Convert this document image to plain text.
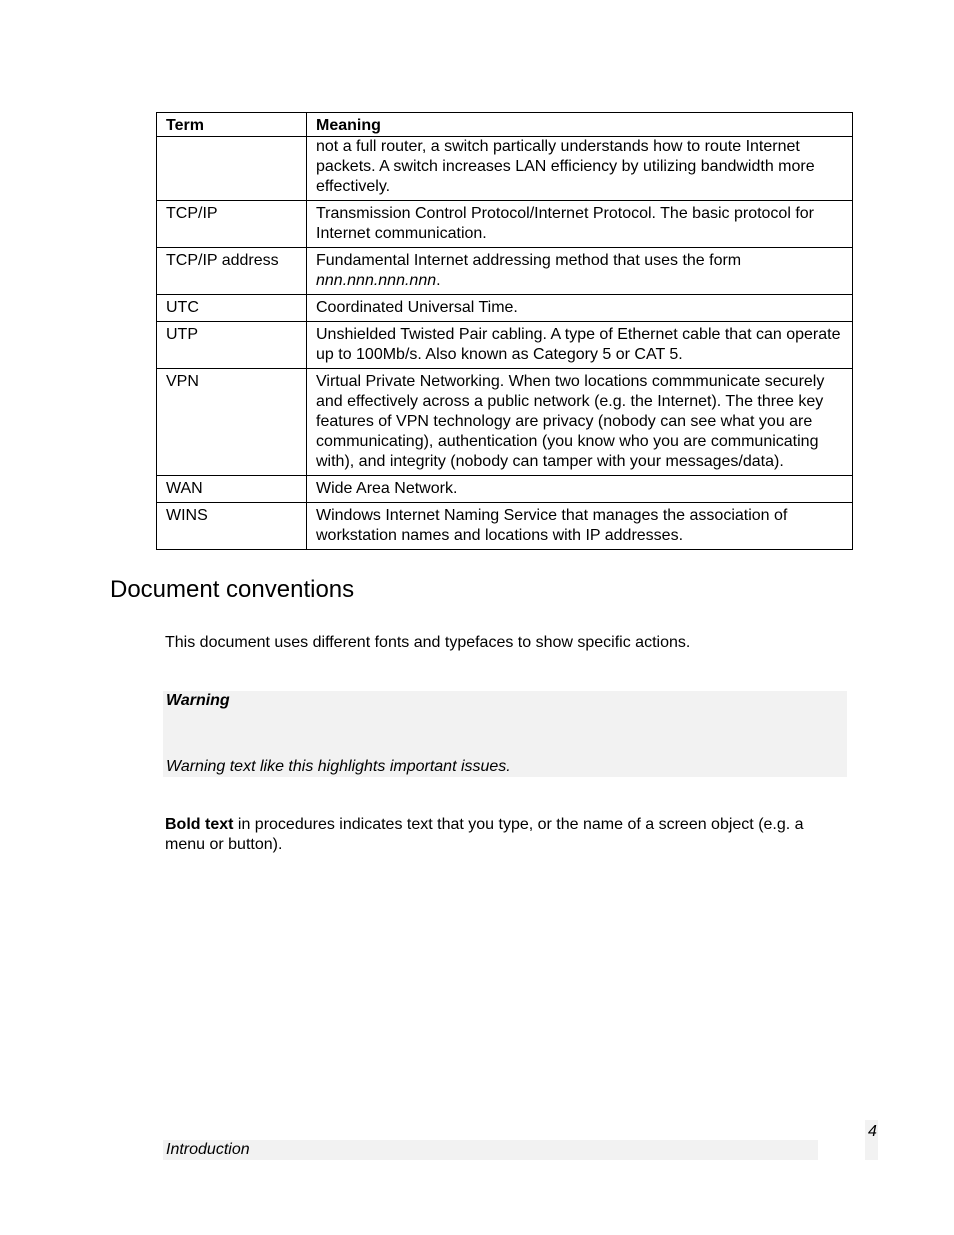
Term	Meaning
	not a full router, a switch partically understands how to route Internet packets. A switch increases LAN efficiency by utilizing bandwidth more effectively.
TCP/IP	Transmission Control Protocol/Internet Protocol. The basic protocol for Internet communication.
TCP/IP address	Fundamental Internet addressing method that uses the form nnn.nnn.nnn.nnn.
UTC	Coordinated Universal Time.
UTP	Unshielded Twisted Pair cabling. A type of Ethernet cable that can operate up to 100Mb/s. Also known as Category 5 or CAT 5.
VPN	Virtual Private Networking. When two locations commmunicate securely and effectively across a public network (e.g. the Internet). The three key features of VPN technology are privacy (nobody can see what you are communicating), authentication (you know who you are communicating with), and integrity (nobody can tamper with your messages/data).
WAN	Wide Area Network.
WINS	Windows Internet Naming Service that manages the association of workstation names and locations with IP addresses.
Document conventions

This document uses different fonts and typefaces to show specific actions.

Warning
Warning text like this highlights important issues.

Bold text in procedures indicates text that you type, or the name of a screen object (e.g. a menu or button).

Introduction
4
